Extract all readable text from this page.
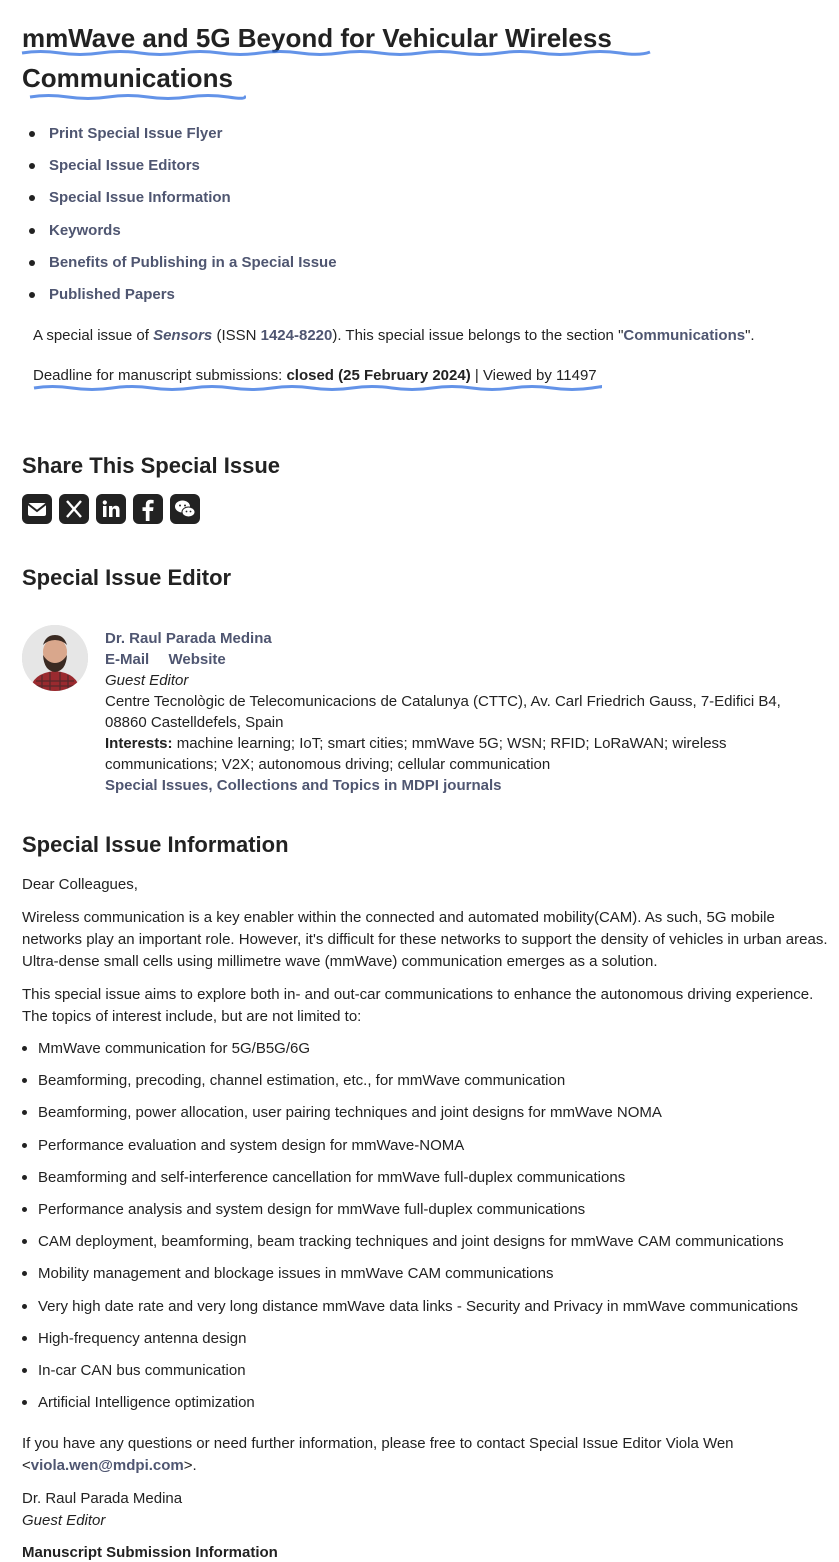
mmWave and 5G Beyond for Vehicular Wireless Communications
Print Special Issue Flyer
Special Issue Editors
Special Issue Information
Keywords
Benefits of Publishing in a Special Issue
Published Papers
A special issue of Sensors (ISSN 1424-8220). This special issue belongs to the section "Communications".
Deadline for manuscript submissions: closed (25 February 2024) | Viewed by 11497
Share This Special Issue
Special Issue Editor
Dr. Raul Parada Medina
E-Mail Website
Guest Editor
Centre Tecnològic de Telecomunicacions de Catalunya (CTTC), Av. Carl Friedrich Gauss, 7-Edifici B4, 08860 Castelldefels, Spain
Interests: machine learning; IoT; smart cities; mmWave 5G; WSN; RFID; LoRaWAN; wireless communications; V2X; autonomous driving; cellular communication
Special Issues, Collections and Topics in MDPI journals
Special Issue Information

Dear Colleagues,

Wireless communication is a key enabler within the connected and automated mobility(CAM). As such, 5G mobile networks play an important role. However, it's difficult for these networks to support the density of vehicles in urban areas. Ultra-dense small cells using millimetre wave (mmWave) communication emerges as a solution.

This special issue aims to explore both in- and out-car communications to enhance the autonomous driving experience. The topics of interest include, but are not limited to:

MmWave communication for 5G/B5G/6G
Beamforming, precoding, channel estimation, etc., for mmWave communication
Beamforming, power allocation, user pairing techniques and joint designs for mmWave NOMA
Performance evaluation and system design for mmWave-NOMA
Beamforming and self-interference cancellation for mmWave full-duplex communications
Performance analysis and system design for mmWave full-duplex communications
CAM deployment, beamforming, beam tracking techniques and joint designs for mmWave CAM communications
Mobility management and blockage issues in mmWave CAM communications
Very high date rate and very long distance mmWave data links - Security and Privacy in mmWave communications
High-frequency antenna design
In-car CAN bus communication
Artificial Intelligence optimization

If you have any questions or need further information, please free to contact Special Issue Editor Viola Wen <viola.wen@mdpi.com>.

Dr. Raul Parada Medina
Guest Editor

Manuscript Submission Information
